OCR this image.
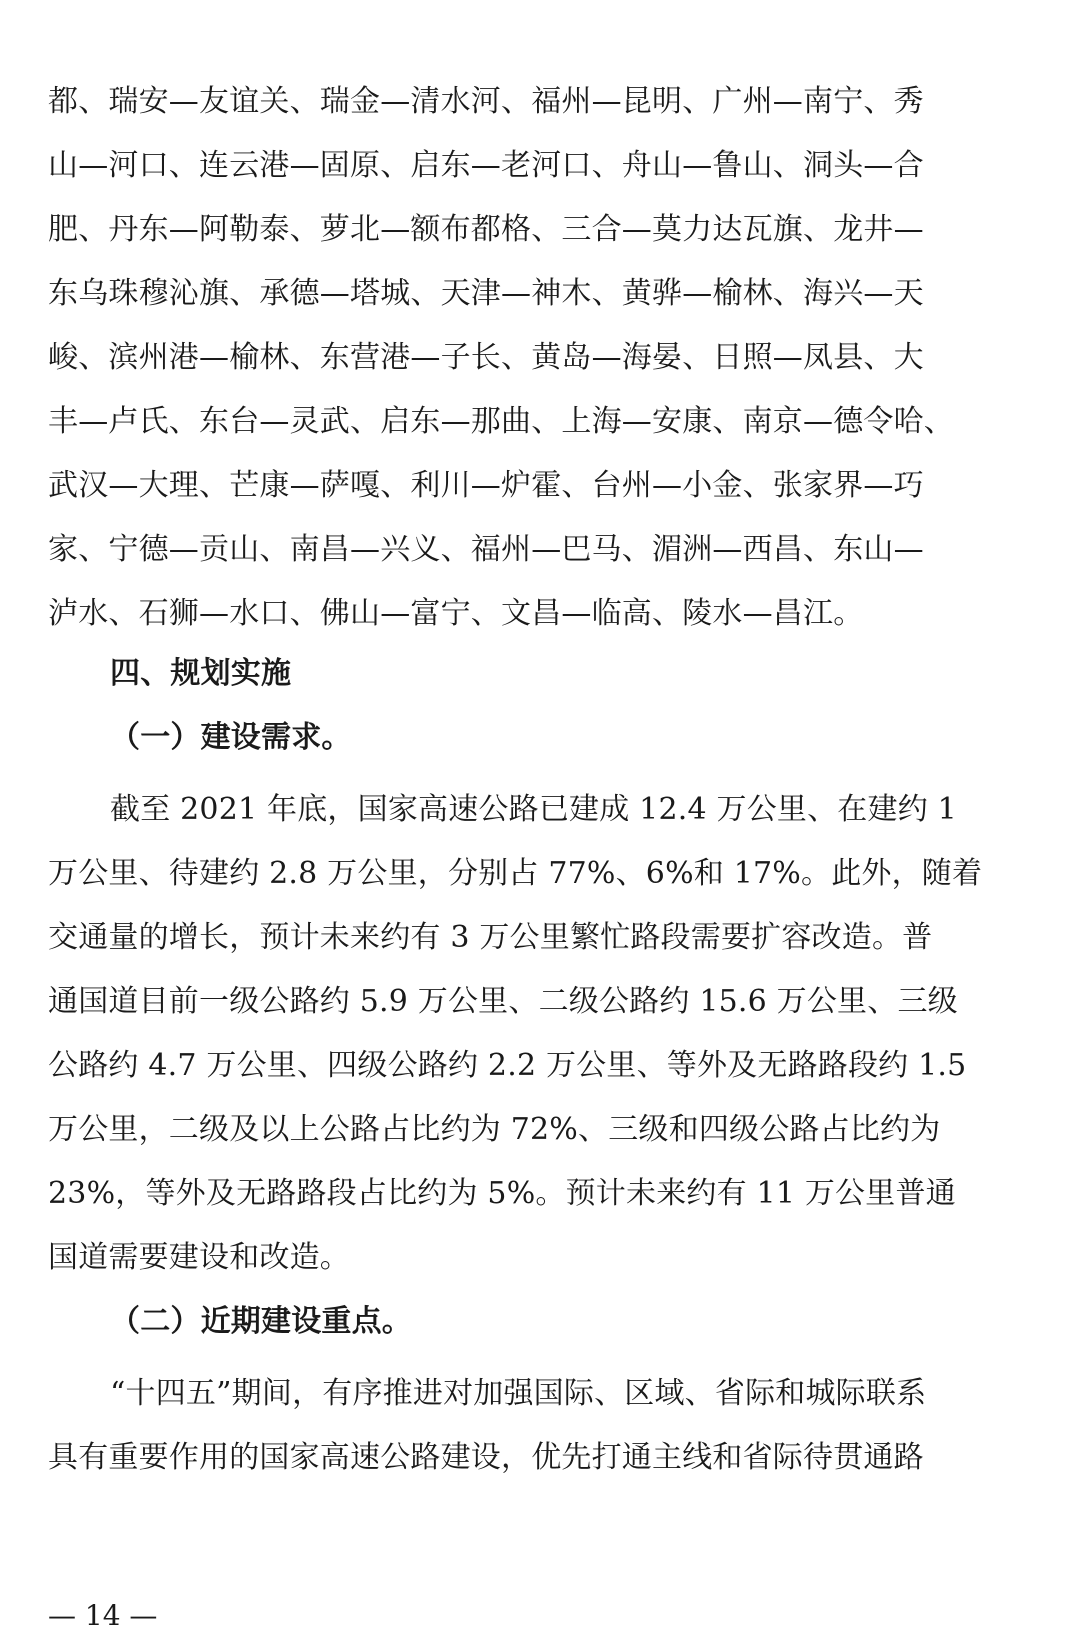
都、瑞安—友谊关、瑞金—清水河、福州—昆明、广州—南宁、秀
山—河口、连云港—固原、启东—老河口、舟山—鲁山、洞头—合
肥、丹东—阿勒泰、萝北—额布都格、三合—莫力达瓦旗、龙井—
东乌珠穆沁旗、承德—塔城、天津—神木、黄骅—榆林、海兴—天
峻、滨州港—榆林、东营港—子长、黄岛—海晏、日照—凤县、大
丰—卢氏、东台—灵武、启东—那曲、上海—安康、南京—德令哈、
武汉—大理、芒康—萨嘎、利川—炉霍、台州—小金、张家界—巧
家、宁德—贡山、南昌—兴义、福州—巴马、湄洲—西昌、东山—
泸水、石狮—水口、佛山—富宁、文昌—临高、陵水—昌江。
四、规划实施
（一）建设需求。
截至 2021 年底，国家高速公路已建成 12.4 万公里、在建约 1
万公里、待建约 2.8 万公里，分别占 77%、6%和 17%。此外，随着
交通量的增长，预计未来约有 3 万公里繁忙路段需要扩容改造。普
通国道目前一级公路约 5.9 万公里、二级公路约 15.6 万公里、三级
公路约 4.7 万公里、四级公路约 2.2 万公里、等外及无路路段约 1.5
万公里，二级及以上公路占比约为 72%、三级和四级公路占比约为
23%，等外及无路路段占比约为 5%。预计未来约有 11 万公里普通
国道需要建设和改造。
（二）近期建设重点。
“十四五”期间，有序推进对加强国际、区域、省际和城际联系
具有重要作用的国家高速公路建设，优先打通主线和省际待贯通路
— 14 —
